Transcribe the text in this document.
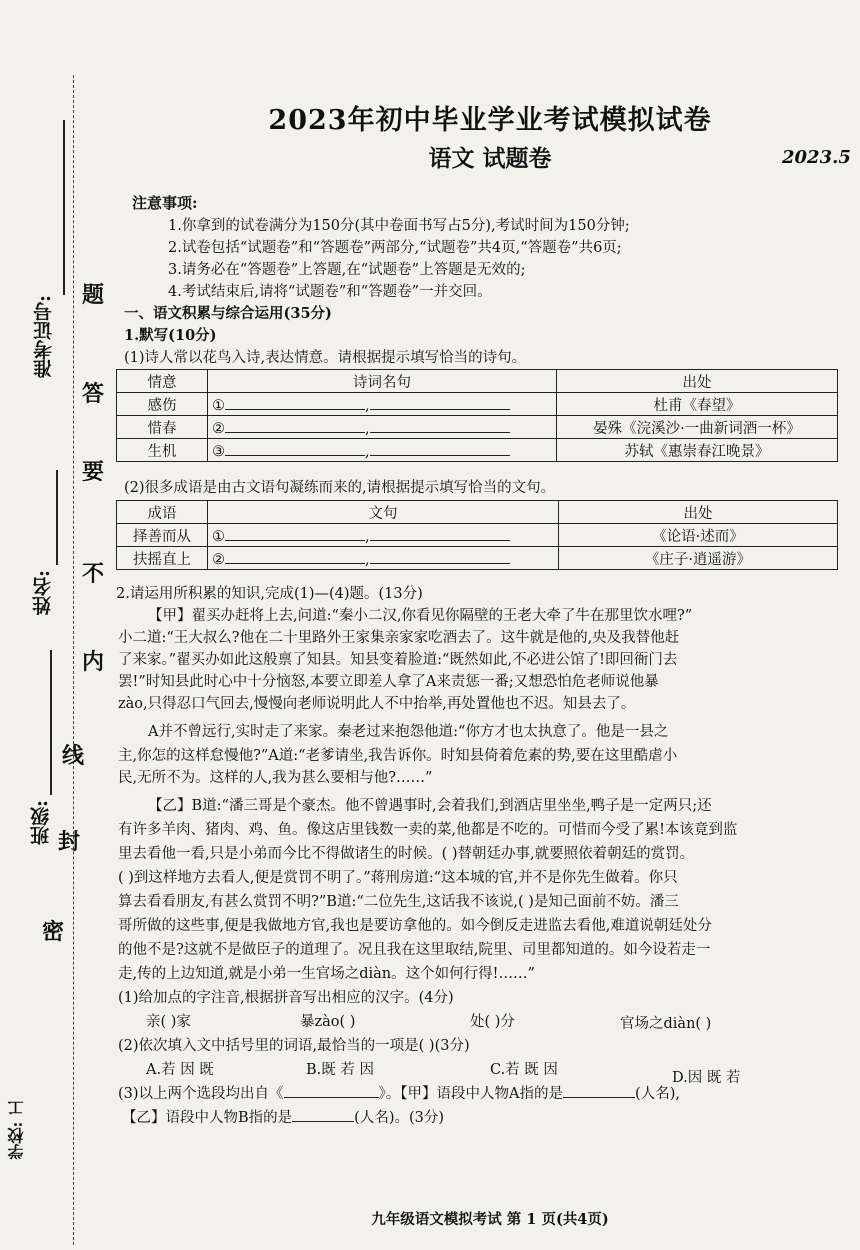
准考证号:
姓名:
班级:
学校: 工
题
答
要
不
内
线
封
密
2023年初中毕业学业考试模拟试卷
语文 试题卷	2023.5
注意事项:
1.你拿到的试卷满分为150分(其中卷面书写占5分),考试时间为150分钟;
2.试卷包括“试题卷”和“答题卷”两部分,“试题卷”共4页,“答题卷”共6页;
3.请务必在“答题卷”上答题,在“试题卷”上答题是无效的;
4.考试结束后,请将“试题卷”和“答题卷”一并交回。
一、语文积累与综合运用(35分)
1.默写(10分)
(1)诗人常以花鸟入诗,表达情意。请根据提示填写恰当的诗句。
情意	诗词名句	出处
感伤	① ,	杜甫《春望》
惜春	② ,	晏殊《浣溪沙·一曲新词酒一杯》
生机	③ ,	苏轼《惠崇春江晚景》
(2)很多成语是由古文语句凝练而来的,请根据提示填写恰当的文句。
成语	文句	出处
择善而从	① ,	《论语·述而》
扶摇直上	② ,	《庄子·逍遥游》
2.请运用所积累的知识,完成(1)—(4)题。(13分)
【甲】翟买办赶将上去,问道:“秦小二汉,你看见你隔壁的王老大牵了牛在那里饮水哩?”
小二道:“王大叔么?他在二十里路外王家集亲家家吃酒去了。这牛就是他的,央及我替他赶
了来家。”翟买办如此这般禀了知县。知县变着脸道:“既然如此,不必进公馆了!即回衙门去
罢!”时知县此时心中十分恼怒,本要立即差人拿了A来责惩一番;又想恐怕危老师说他暴
zào,只得忍口气回去,慢慢向老师说明此人不中抬举,再处置他也不迟。知县去了。
A并不曾远行,实时走了来家。秦老过来抱怨他道:“你方才也太执意了。他是一县之
主,你怎的这样怠慢他?”A道:“老爹请坐,我告诉你。时知县倚着危素的势,要在这里酷虐小
民,无所不为。这样的人,我为甚么要相与他?……”
【乙】B道:“潘三哥是个豪杰。他不曾遇事时,会着我们,到酒店里坐坐,鸭子是一定两只;还
有许多羊肉、猪肉、鸡、鱼。像这店里钱数一卖的菜,他都是不吃的。可惜而今受了累!本该竟到监
里去看他一看,只是小弟而今比不得做诸生的时候。( )替朝廷办事,就要照依着朝廷的赏罚。
( )到这样地方去看人,便是赏罚不明了。”蒋刑房道:“这本城的官,并不是你先生做着。你只
算去看看朋友,有甚么赏罚不明?”B道:“二位先生,这话我不该说,( )是知己面前不妨。潘三
哥所做的这些事,便是我做地方官,我也是要访拿他的。如今倒反走进监去看他,难道说朝廷处分
的他不是?这就不是做臣子的道理了。况且我在这里取结,院里、司里都知道的。如今设若走一
走,传的上边知道,就是小弟一生官场之diàn。这个如何行得!……”
(1)给加点的字注音,根据拼音写出相应的汉字。(4分)
亲( )家	暴zào( )	处( )分	官场之diàn( )
(2)依次填入文中括号里的词语,最恰当的一项是( )(3分)
A.若 因 既	B.既 若 因	C.若 既 因	D.因 既 若
(3)以上两个选段均出自《	》。【甲】语段中人物A指的是	(人名),
【乙】语段中人物B指的是	(人名)。(3分)
九年级语文模拟考试 第 1 页(共4页)
